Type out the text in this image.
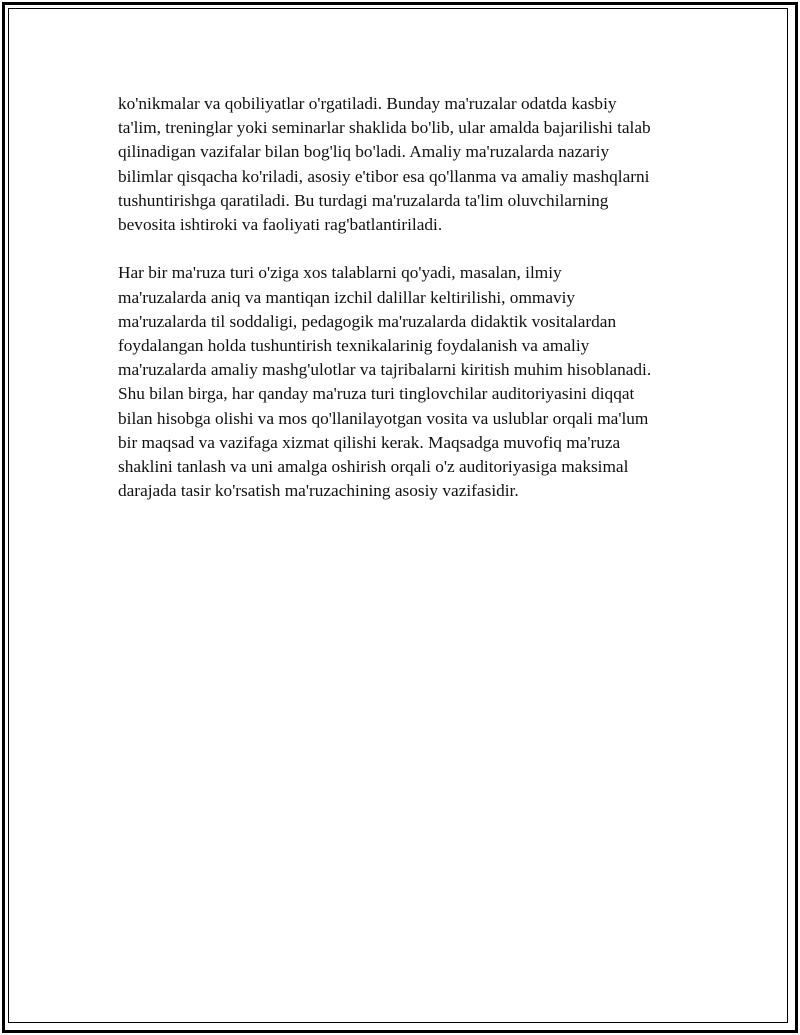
ko'nikmalar va qobiliyatlar o'rgatiladi. Bunday ma'ruzalar odatda kasbiy
ta'lim, treninglar yoki seminarlar shaklida bo'lib, ular amalda bajarilishi talab
qilinadigan vazifalar bilan bog'liq bo'ladi. Amaliy ma'ruzalarda nazariy
bilimlar qisqacha ko'riladi, asosiy e'tibor esa qo'llanma va amaliy mashqlarni
tushuntirishga qaratiladi. Bu turdagi ma'ruzalarda ta'lim oluvchilarning
bevosita ishtiroki va faoliyati rag'batlantiriladi.

Har bir ma'ruza turi o'ziga xos talablarni qo'yadi, masalan, ilmiy
ma'ruzalarda aniq va mantiqan izchil dalillar keltirilishi, ommaviy
ma'ruzalarda til soddaligi, pedagogik ma'ruzalarda didaktik vositalardan
foydalangan holda tushuntirish texnikalarinig foydalanish va amaliy
ma'ruzalarda amaliy mashg'ulotlar va tajribalarni kiritish muhim hisoblanadi.
Shu bilan birga, har qanday ma'ruza turi tinglovchilar auditoriyasini diqqat
bilan hisobga olishi va mos qo'llanilayotgan vosita va uslublar orqali ma'lum
bir maqsad va vazifaga xizmat qilishi kerak. Maqsadga muvofiq ma'ruza
shaklini tanlash va uni amalga oshirish orqali o'z auditoriyasiga maksimal
darajada tasir ko'rsatish ma'ruzachining asosiy vazifasidir.
